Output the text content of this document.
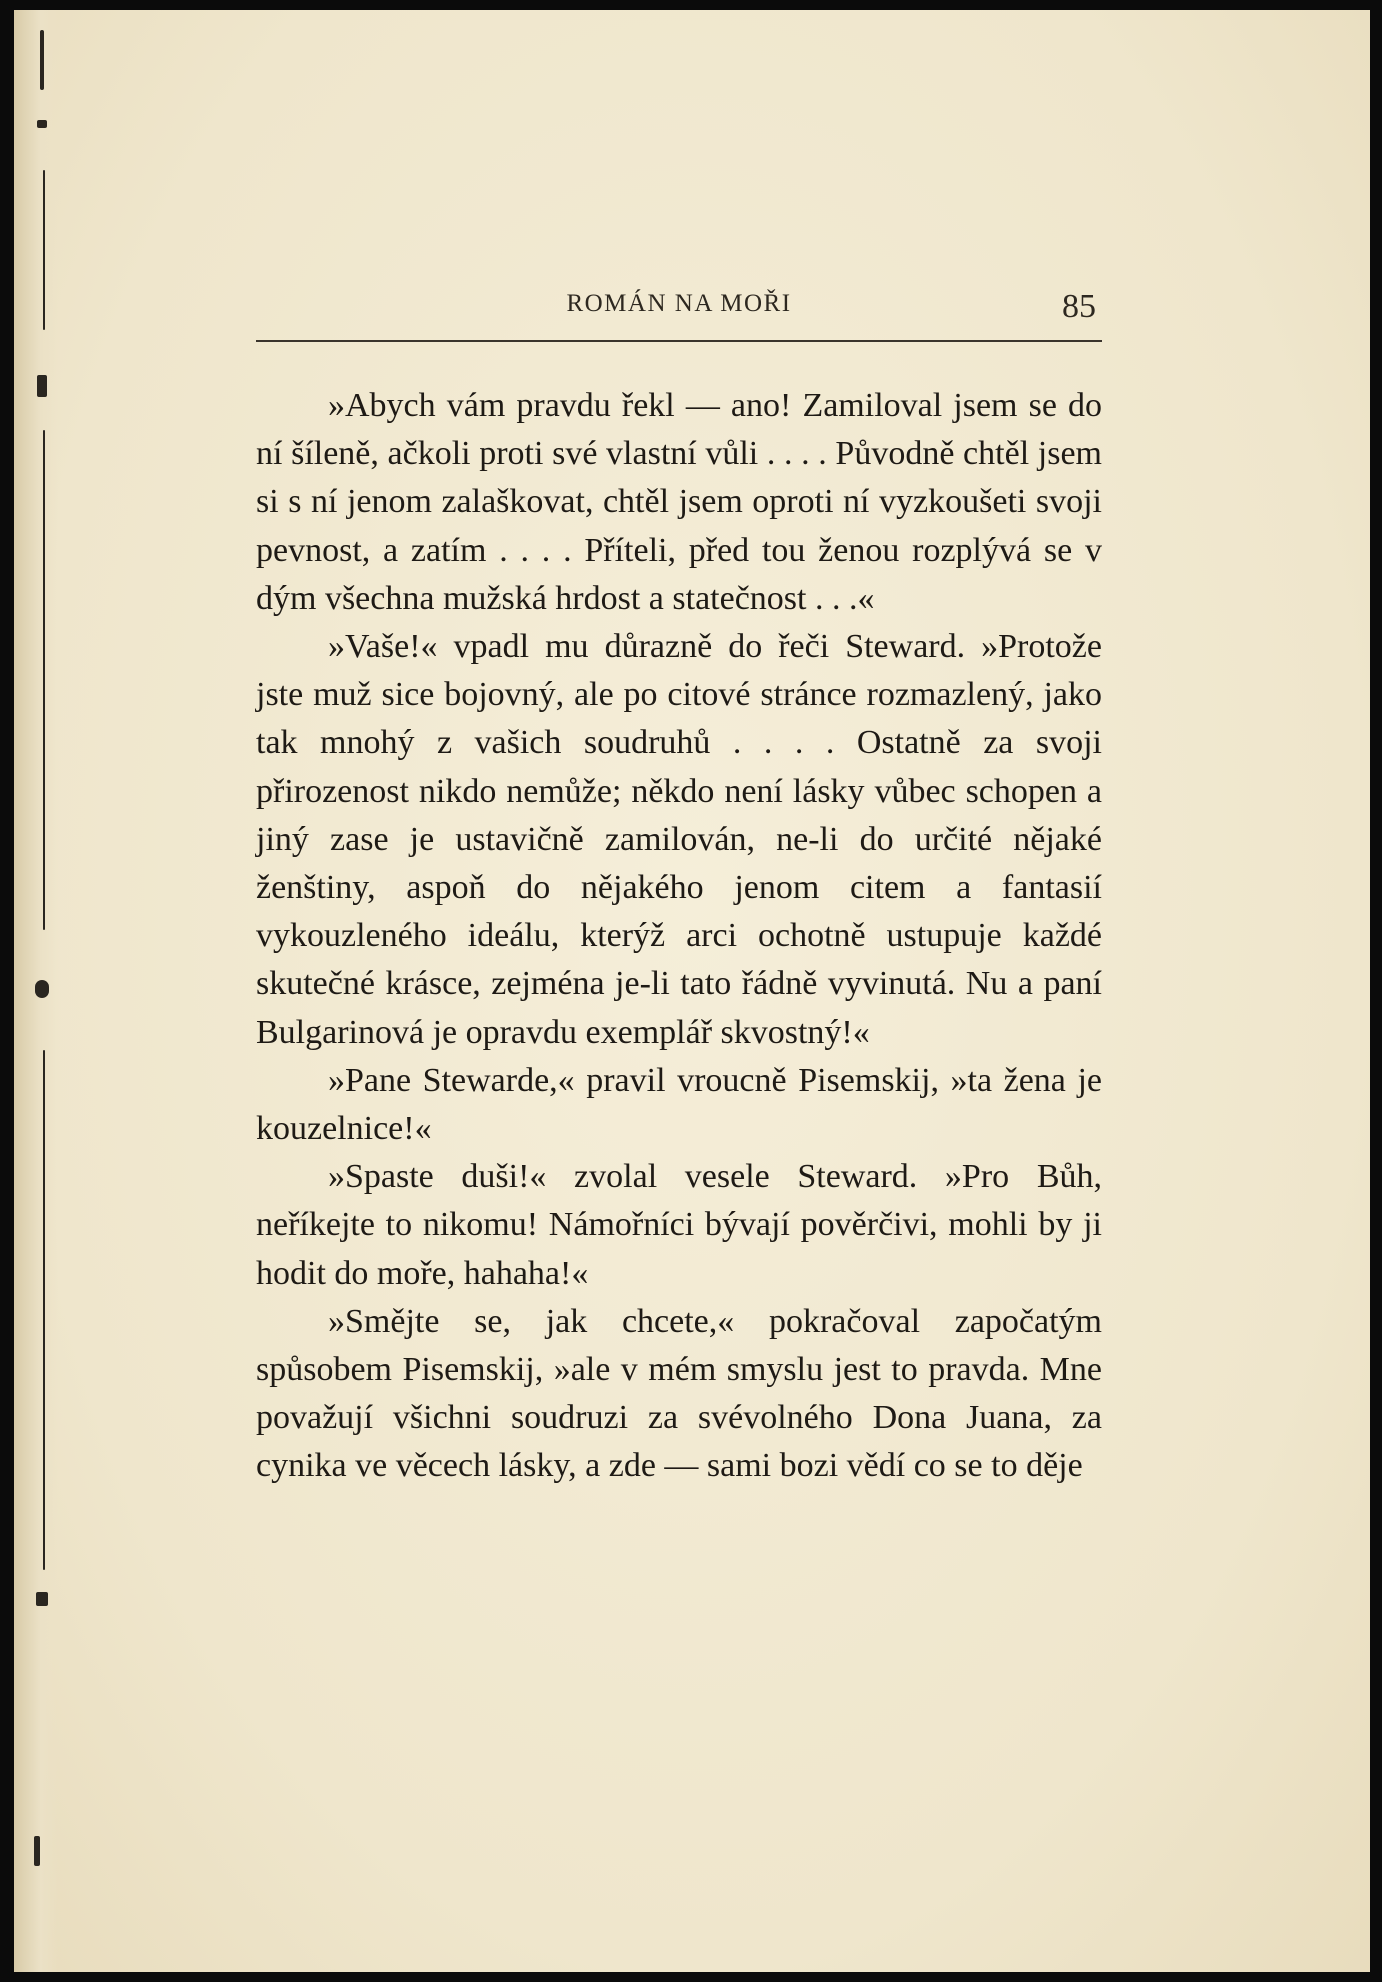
ROMÁN NA MOŘI	85

»Abych vám pravdu řekl — ano! Zamiloval jsem se do ní šíleně, ačkoli proti své vlastní vůli . . . . Původně chtěl jsem si s ní jenom zalaškovat, chtěl jsem oproti ní vyzkoušeti svoji pevnost, a zatím . . . . Příteli, před tou ženou rozplývá se v dým všechna mužská hrdost a statečnost . . .«

»Vaše!« vpadl mu důrazně do řeči Steward. »Protože jste muž sice bojovný, ale po citové stránce rozmazlený, jako tak mnohý z vašich soudruhů . . . . Ostatně za svoji přirozenost nikdo nemůže; někdo není lásky vůbec schopen a jiný zase je ustavičně zamilován, ne-li do určité nějaké ženštiny, aspoň do nějakého jenom citem a fantasií vykouzleného ideálu, kterýž arci ochotně ustupuje každé skutečné krásce, zejména je-li tato řádně vyvinutá. Nu a paní Bulgarinová je opravdu exemplář skvostný!«

»Pane Stewarde,« pravil vroucně Pisemskij, »ta žena je kouzelnice!«

»Spaste duši!« zvolal vesele Steward. »Pro Bůh, neříkejte to nikomu! Námořníci bývají pověrčivi, mohli by ji hodit do moře, hahaha!«

»Smějte se, jak chcete,« pokračoval započatým spůsobem Pisemskij, »ale v mém smyslu jest to pravda. Mne považují všichni soudruzi za svévolného Dona Juana, za cynika ve věcech lásky, a zde — sami bozi vědí co se to děje
